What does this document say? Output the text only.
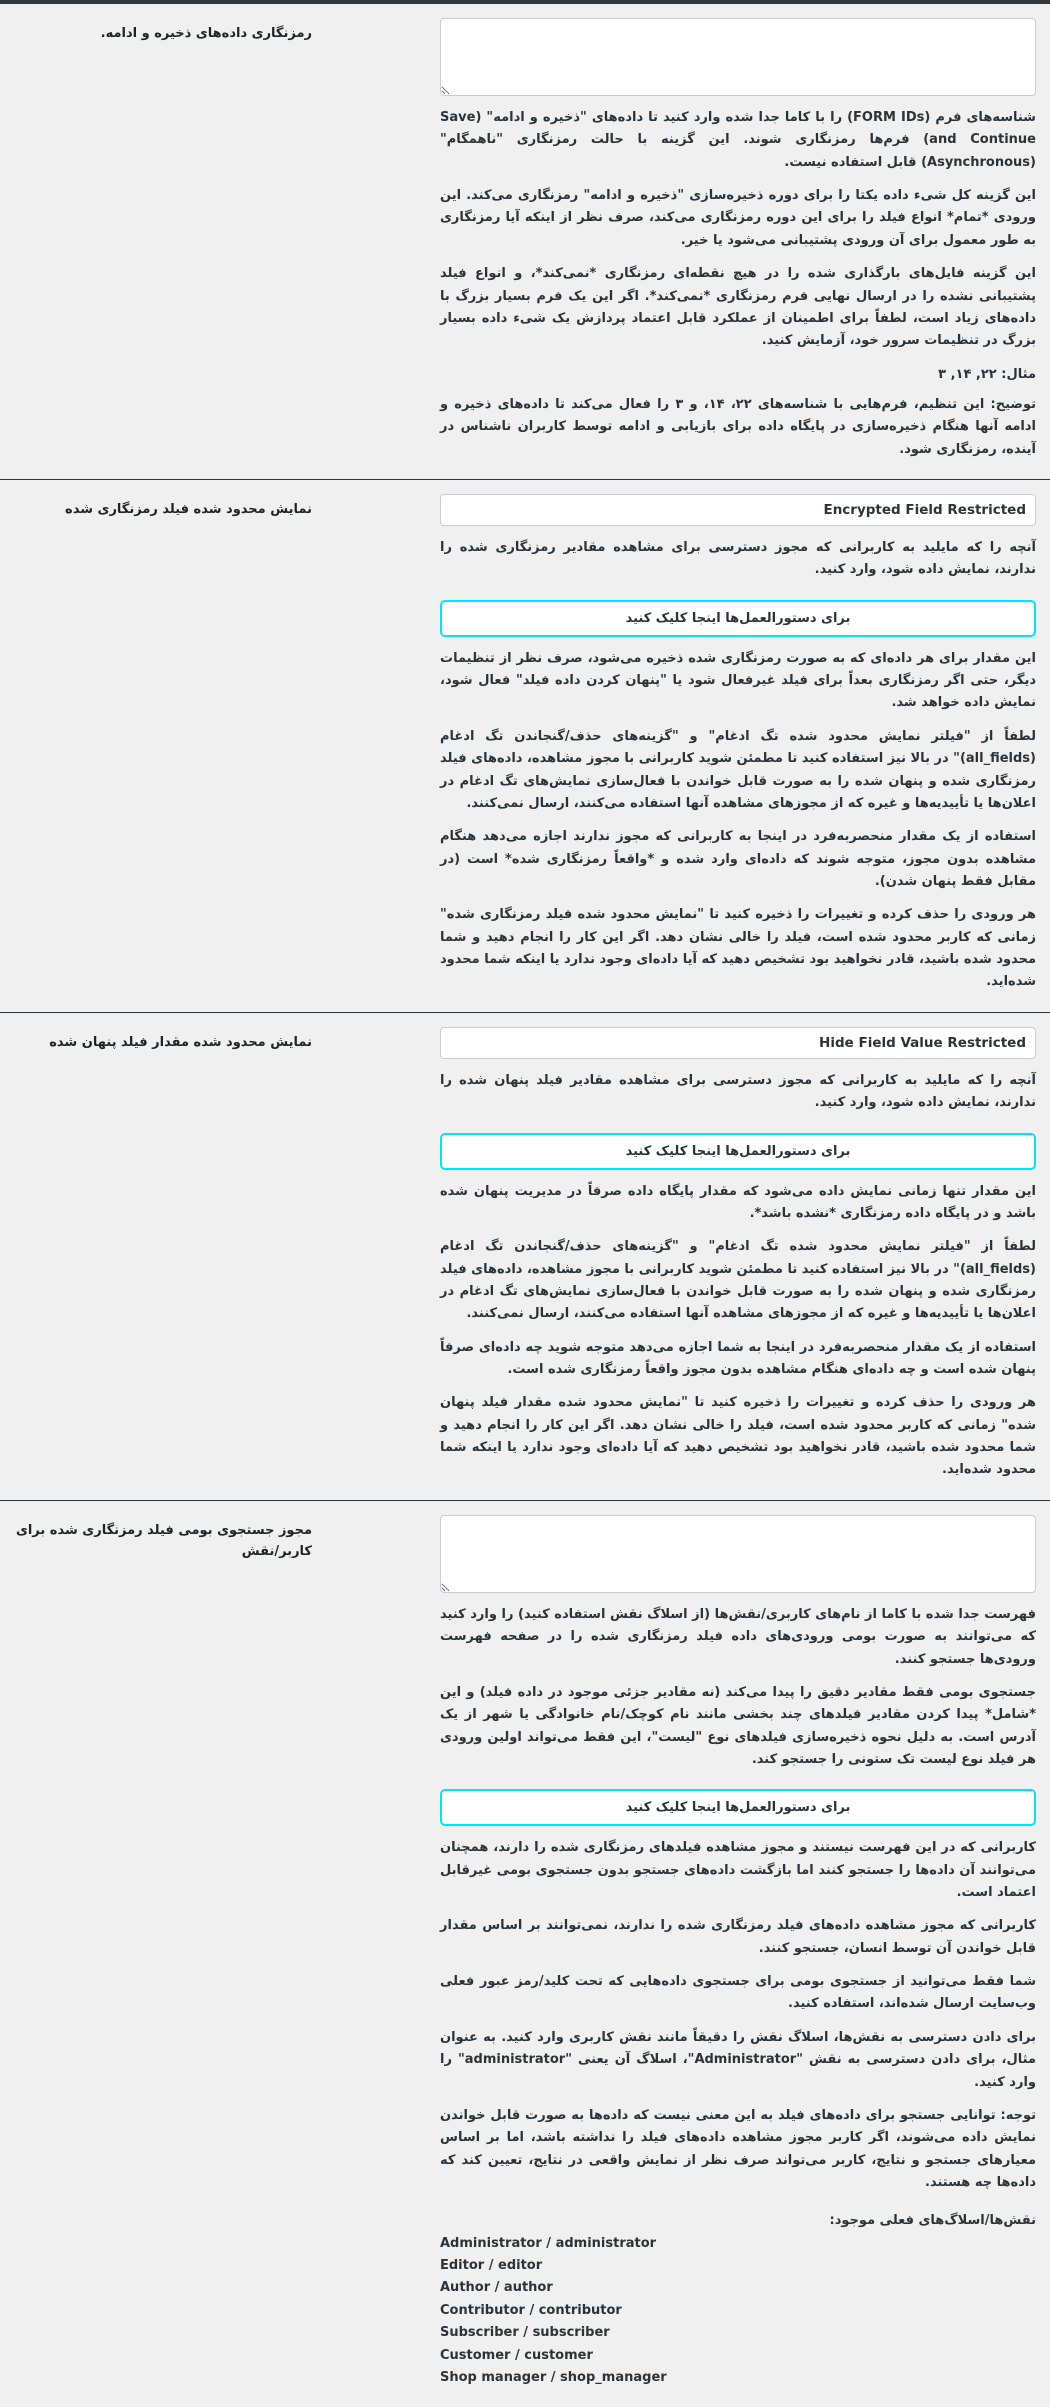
شناسه‌های فرم (FORM IDs) را با کاما جدا شده وارد کنید تا داده‌های "ذخیره و ادامه" (Save and Continue) فرم‌ها رمزنگاری شوند. این گزینه با حالت رمزنگاری "ناهمگام" (Asynchronous) قابل استفاده نیست.

این گزینه کل شیء داده یکتا را برای دوره ذخیره‌سازی "ذخیره و ادامه" رمزنگاری می‌کند. این ورودی *تمام* انواع فیلد را برای این دوره رمزنگاری می‌کند، صرف نظر از اینکه آیا رمزنگاری به طور معمول برای آن ورودی پشتیبانی می‌شود یا خیر.

این گزینه فایل‌های بارگذاری شده را در هیچ نقطه‌ای رمزنگاری *نمی‌کند*، و انواع فیلد پشتیبانی نشده را در ارسال نهایی فرم رمزنگاری *نمی‌کند*. اگر این یک فرم بسیار بزرگ با داده‌های زیاد است، لطفاً برای اطمینان از عملکرد قابل اعتماد پردازش یک شیء داده بسیار بزرگ در تنظیمات سرور خود، آزمایش کنید.

مثال: ۲۲, ۱۴, ۳

توضیح: این تنظیم، فرم‌هایی با شناسه‌های ۲۲، ۱۴، و ۳ را فعال می‌کند تا داده‌های ذخیره و ادامه آنها هنگام ذخیره‌سازی در پایگاه داده برای بازیابی و ادامه توسط کاربران ناشناس در آینده، رمزنگاری شود.

رمزنگاری داده‌های ذخیره و ادامه.
Encrypted Field Restricted

آنچه را که مایلید به کاربرانی که مجوز دسترسی برای مشاهده مقادیر رمزنگاری شده را ندارند، نمایش داده شود، وارد کنید.

برای دستورالعمل‌ها اینجا کلیک کنید

این مقدار برای هر داده‌ای که به صورت رمزنگاری شده ذخیره می‌شود، صرف نظر از تنظیمات دیگر، حتی اگر رمزنگاری بعداً برای فیلد غیرفعال شود یا "پنهان کردن داده فیلد" فعال شود، نمایش داده خواهد شد.

لطفاً از "فیلتر نمایش محدود شده تگ ادغام" و "گزینه‌های حذف/گنجاندن تگ ادغام (all_fields)" در بالا نیز استفاده کنید تا مطمئن شوید کاربرانی با مجوز مشاهده، داده‌های فیلد رمزنگاری شده و پنهان شده را به صورت قابل خواندن با فعال‌سازی نمایش‌های تگ ادغام در اعلان‌ها یا تأییدیه‌ها و غیره که از مجوزهای مشاهده آنها استفاده می‌کنند، ارسال نمی‌کنند.

استفاده از یک مقدار منحصربه‌فرد در اینجا به کاربرانی که مجوز ندارند اجازه می‌دهد هنگام مشاهده بدون مجوز، متوجه شوند که داده‌ای وارد شده و *واقعاً رمزنگاری شده* است (در مقابل فقط پنهان شدن).

هر ورودی را حذف کرده و تغییرات را ذخیره کنید تا "نمایش محدود شده فیلد رمزنگاری شده" زمانی که کاربر محدود شده است، فیلد را خالی نشان دهد. اگر این کار را انجام دهید و شما محدود شده باشید، قادر نخواهید بود تشخیص دهید که آیا داده‌ای وجود ندارد یا اینکه شما محدود شده‌اید.

نمایش محدود شده فیلد رمزنگاری شده
Hide Field Value Restricted

آنچه را که مایلید به کاربرانی که مجوز دسترسی برای مشاهده مقادیر فیلد پنهان شده را ندارند، نمایش داده شود، وارد کنید.

برای دستورالعمل‌ها اینجا کلیک کنید

این مقدار تنها زمانی نمایش داده می‌شود که مقدار پایگاه داده صرفاً در مدیریت پنهان شده باشد و در پایگاه داده رمزنگاری *نشده باشد*.

لطفاً از "فیلتر نمایش محدود شده تگ ادغام" و "گزینه‌های حذف/گنجاندن تگ ادغام (all_fields)" در بالا نیز استفاده کنید تا مطمئن شوید کاربرانی با مجوز مشاهده، داده‌های فیلد رمزنگاری شده و پنهان شده را به صورت قابل خواندن با فعال‌سازی نمایش‌های تگ ادغام در اعلان‌ها یا تأییدیه‌ها و غیره که از مجوزهای مشاهده آنها استفاده می‌کنند، ارسال نمی‌کنند.

استفاده از یک مقدار منحصربه‌فرد در اینجا به شما اجازه می‌دهد متوجه شوید چه داده‌ای صرفاً پنهان شده است و چه داده‌ای هنگام مشاهده بدون مجوز واقعاً رمزنگاری شده است.

هر ورودی را حذف کرده و تغییرات را ذخیره کنید تا "نمایش محدود شده مقدار فیلد پنهان شده" زمانی که کاربر محدود شده است، فیلد را خالی نشان دهد. اگر این کار را انجام دهید و شما محدود شده باشید، قادر نخواهید بود تشخیص دهید که آیا داده‌ای وجود ندارد یا اینکه شما محدود شده‌اید.

نمایش محدود شده مقدار فیلد پنهان شده

فهرست جدا شده با کاما از نام‌های کاربری/نقش‌ها (از اسلاگ نقش استفاده کنید) را وارد کنید که می‌توانند به صورت بومی ورودی‌های داده فیلد رمزنگاری شده را در صفحه فهرست ورودی‌ها جستجو کنند.

جستجوی بومی فقط مقادیر دقیق را پیدا می‌کند (نه مقادیر جزئی موجود در داده فیلد) و این *شامل* پیدا کردن مقادیر فیلدهای چند بخشی مانند نام کوچک/نام خانوادگی یا شهر از یک آدرس است. به دلیل نحوه ذخیره‌سازی فیلدهای نوع "لیست"، این فقط می‌تواند اولین ورودی هر فیلد نوع لیست تک ستونی را جستجو کند.

برای دستورالعمل‌ها اینجا کلیک کنید

کاربرانی که در این فهرست نیستند و مجوز مشاهده فیلدهای رمزنگاری شده را دارند، همچنان می‌توانند آن داده‌ها را جستجو کنند اما بازگشت داده‌های جستجو بدون جستجوی بومی غیرقابل اعتماد است.

کاربرانی که مجوز مشاهده داده‌های فیلد رمزنگاری شده را ندارند، نمی‌توانند بر اساس مقدار قابل خواندن آن توسط انسان، جستجو کنند.

شما فقط می‌توانید از جستجوی بومی برای جستجوی داده‌هایی که تحت کلید/رمز عبور فعلی وب‌سایت ارسال شده‌اند، استفاده کنید.

برای دادن دسترسی به نقش‌ها، اسلاگ نقش را دقیقاً مانند نقش کاربری وارد کنید. به عنوان مثال، برای دادن دسترسی به نقش "Administrator"، اسلاگ آن یعنی "administrator" را وارد کنید.

توجه: توانایی جستجو برای داده‌های فیلد به این معنی نیست که داده‌ها به صورت قابل خواندن نمایش داده می‌شوند، اگر کاربر مجوز مشاهده داده‌های فیلد را نداشته باشد، اما بر اساس معیارهای جستجو و نتایج، کاربر می‌تواند صرف نظر از نمایش واقعی در نتایج، تعیین کند که داده‌ها چه هستند.

نقش‌ها/اسلاگ‌های فعلی موجود:
Administrator / administrator
Editor / editor
Author / author
Contributor / contributor
Subscriber / subscriber
Customer / customer
Shop manager / shop_manager
مجوز جستجوی بومی فیلد رمزنگاری شده برای کاربر/نقش
